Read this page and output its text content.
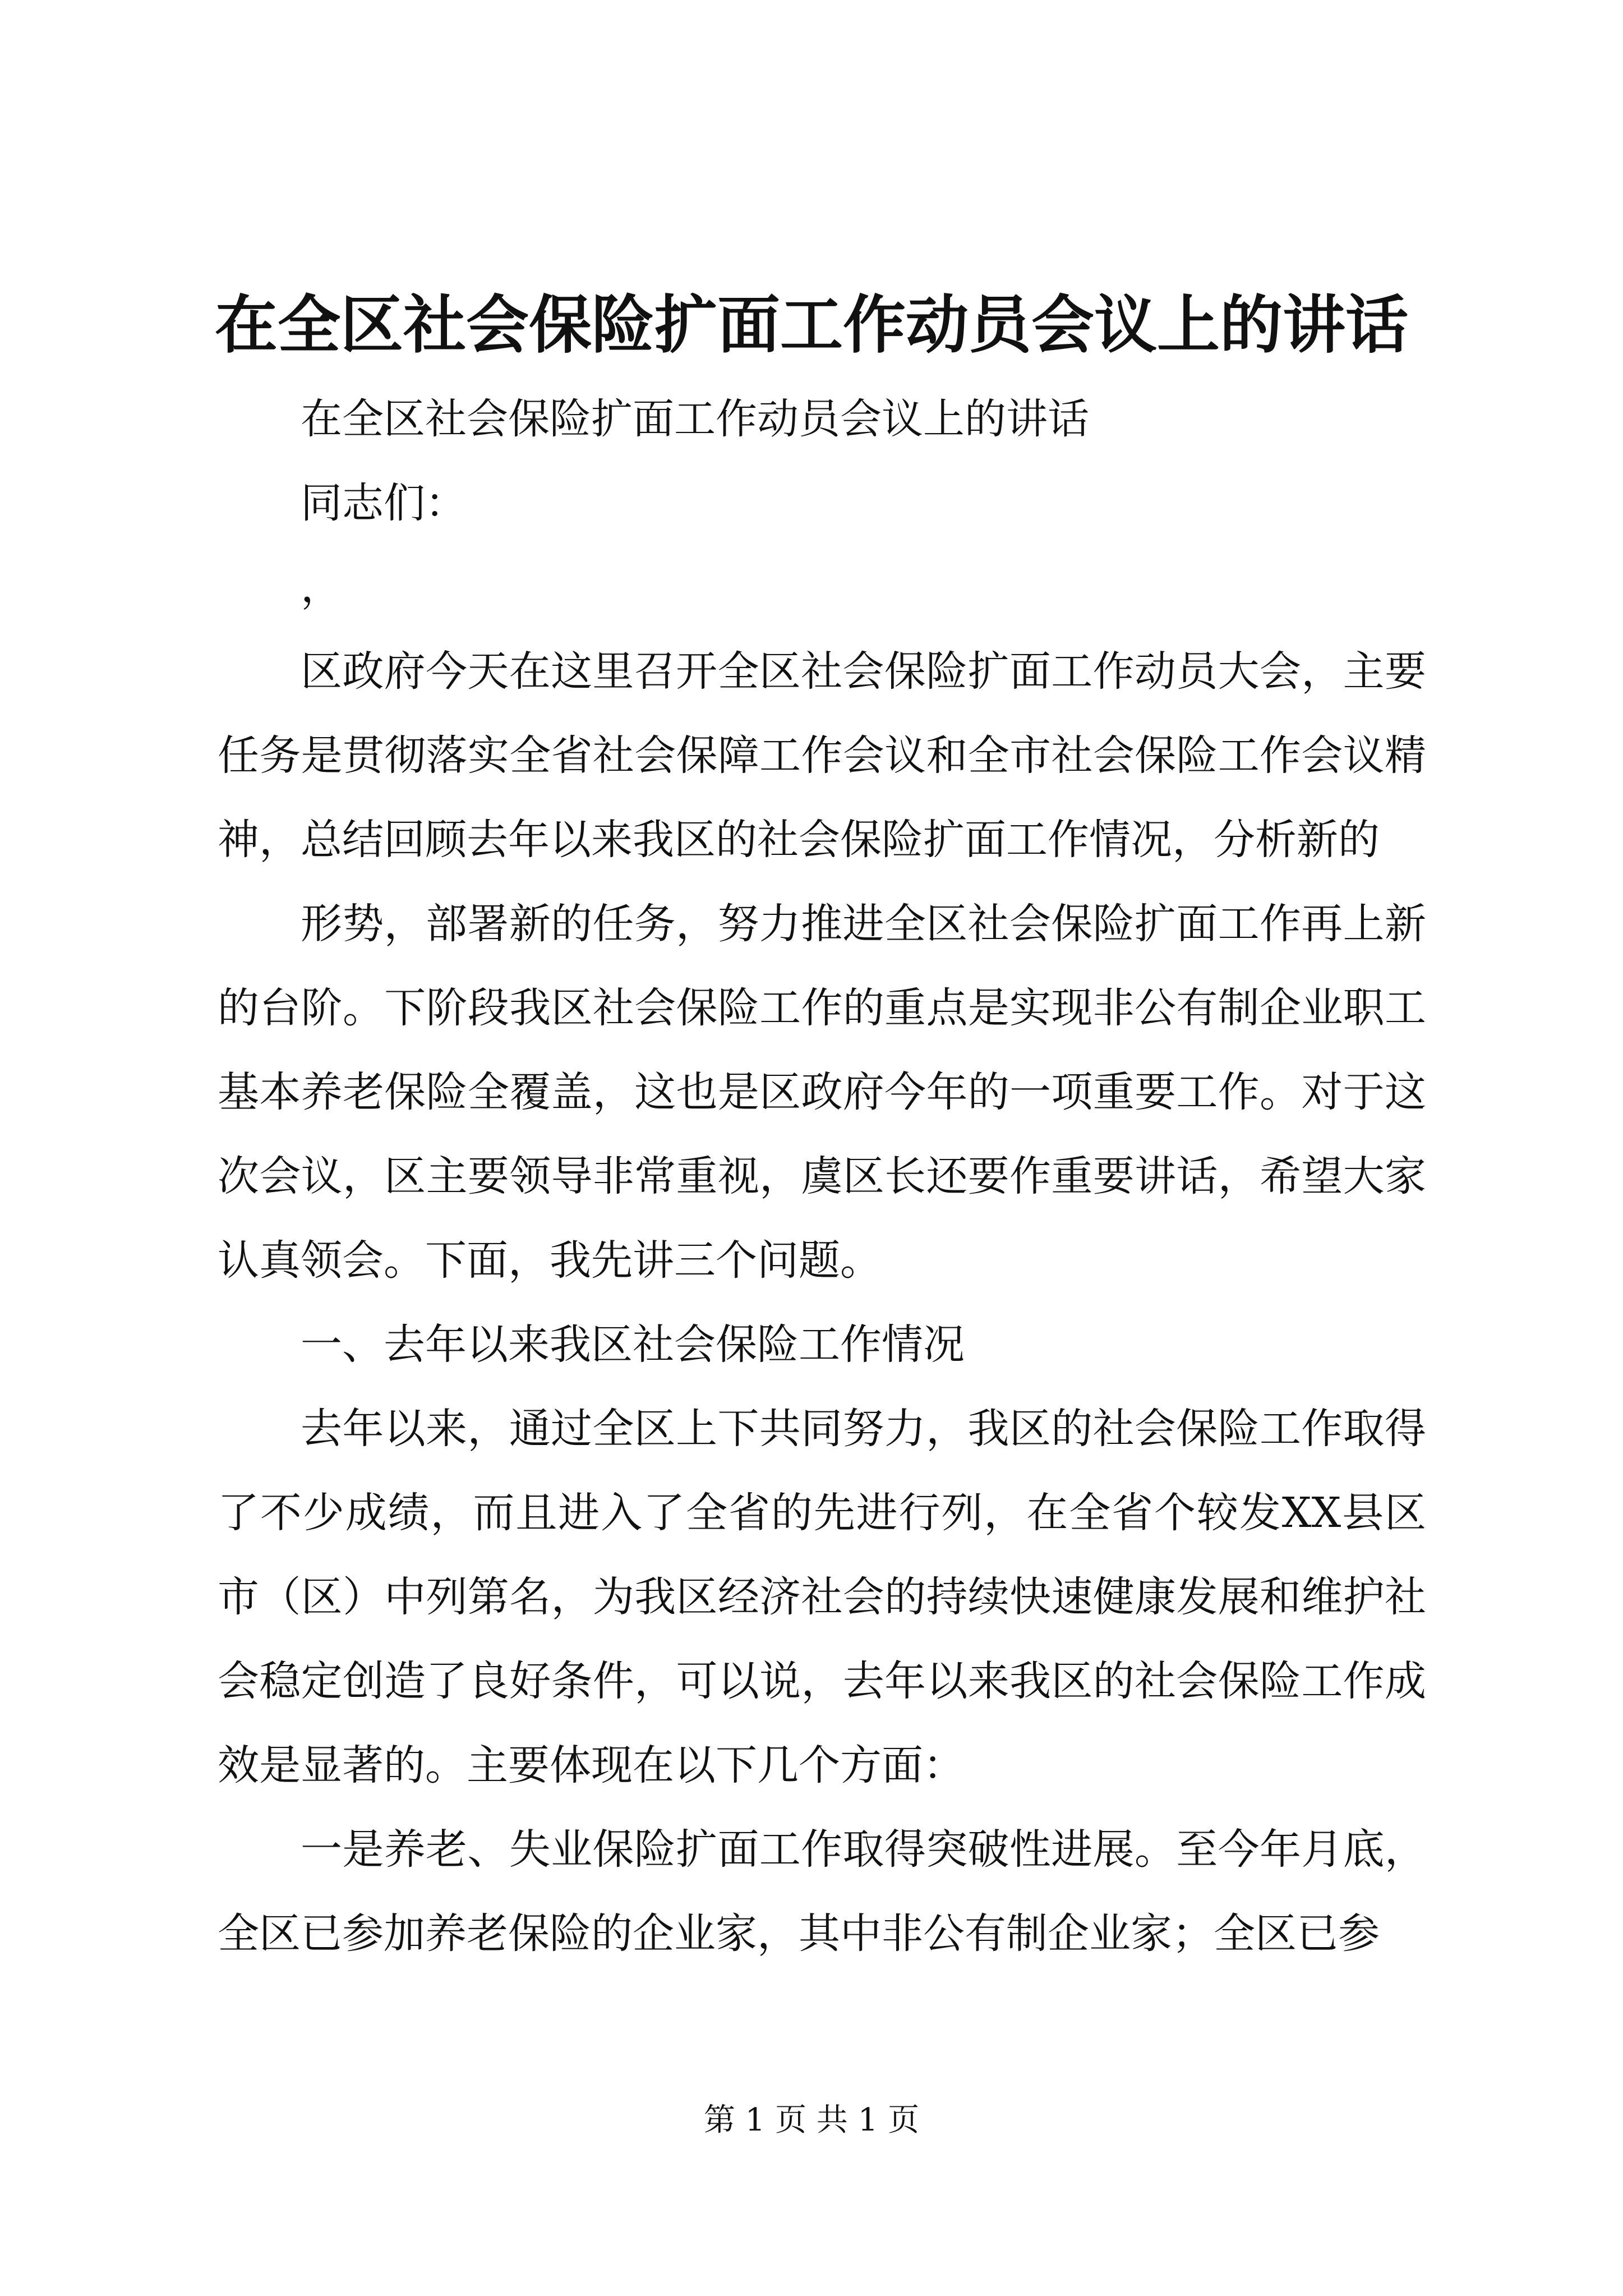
在全区社会保险扩面工作动员会议上的讲话

在全区社会保险扩面工作动员会议上的讲话

同志们：

，

区政府今天在这里召开全区社会保险扩面工作动员大会，主要任务是贯彻落实全省社会保障工作会议和全市社会保险工作会议精神，总结回顾去年以来我区的社会保险扩面工作情况，分析新的

形势，部署新的任务，努力推进全区社会保险扩面工作再上新的台阶。下阶段我区社会保险工作的重点是实现非公有制企业职工基本养老保险全覆盖，这也是区政府今年的一项重要工作。对于这次会议，区主要领导非常重视，虞区长还要作重要讲话，希望大家认真领会。下面，我先讲三个问题。

一、去年以来我区社会保险工作情况

去年以来，通过全区上下共同努力，我区的社会保险工作取得了不少成绩，而且进入了全省的先进行列，在全省个较发XX县区市（区）中列第名，为我区经济社会的持续快速健康发展和维护社会稳定创造了良好条件，可以说，去年以来我区的社会保险工作成效是显著的。主要体现在以下几个方面：

一是养老、失业保险扩面工作取得突破性进展。至今年月底，全区已参加养老保险的企业家，其中非公有制企业家；全区已参

第 1 页 共 1 页
